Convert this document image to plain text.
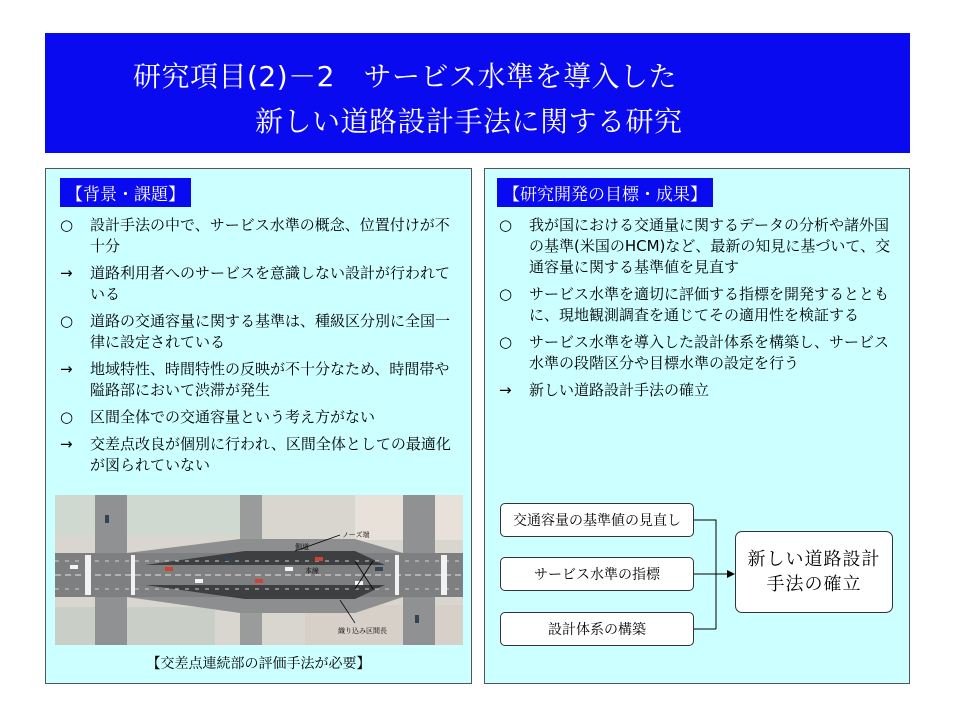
研究項目(2)－2　サービス水準を導入した
新しい道路設計手法に関する研究
【背景・課題】
○	設計手法の中で、サービス水準の概念、位置付けが不十分
→	道路利用者へのサービスを意識しない設計が行われている
○	道路の交通容量に関する基準は、種級区分別に全国一律に設定されている
→	地域特性、時間特性の反映が不十分なため、時間帯や隘路部において渋滞が発生
○	区間全体での交通容量という考え方がない
→	交差点改良が個別に行われ、区間全体としての最適化が図られていない
ノーズ端
側道
本線
織り込み区間長
【交差点連続部の評価手法が必要】
【研究開発の目標・成果】
○	我が国における交通量に関するデータの分析や諸外国の基準(米国のHCM)など、最新の知見に基づいて、交通容量に関する基準値を見直す
○	サービス水準を適切に評価する指標を開発するとともに、現地観測調査を通じてその適用性を検証する
○	サービス水準を導入した設計体系を構築し、サービス水準の段階区分や目標水準の設定を行う
→	新しい道路設計手法の確立
交通容量の基準値の見直し
サービス水準の指標
設計体系の構築
新しい道路設計
手法の確立
